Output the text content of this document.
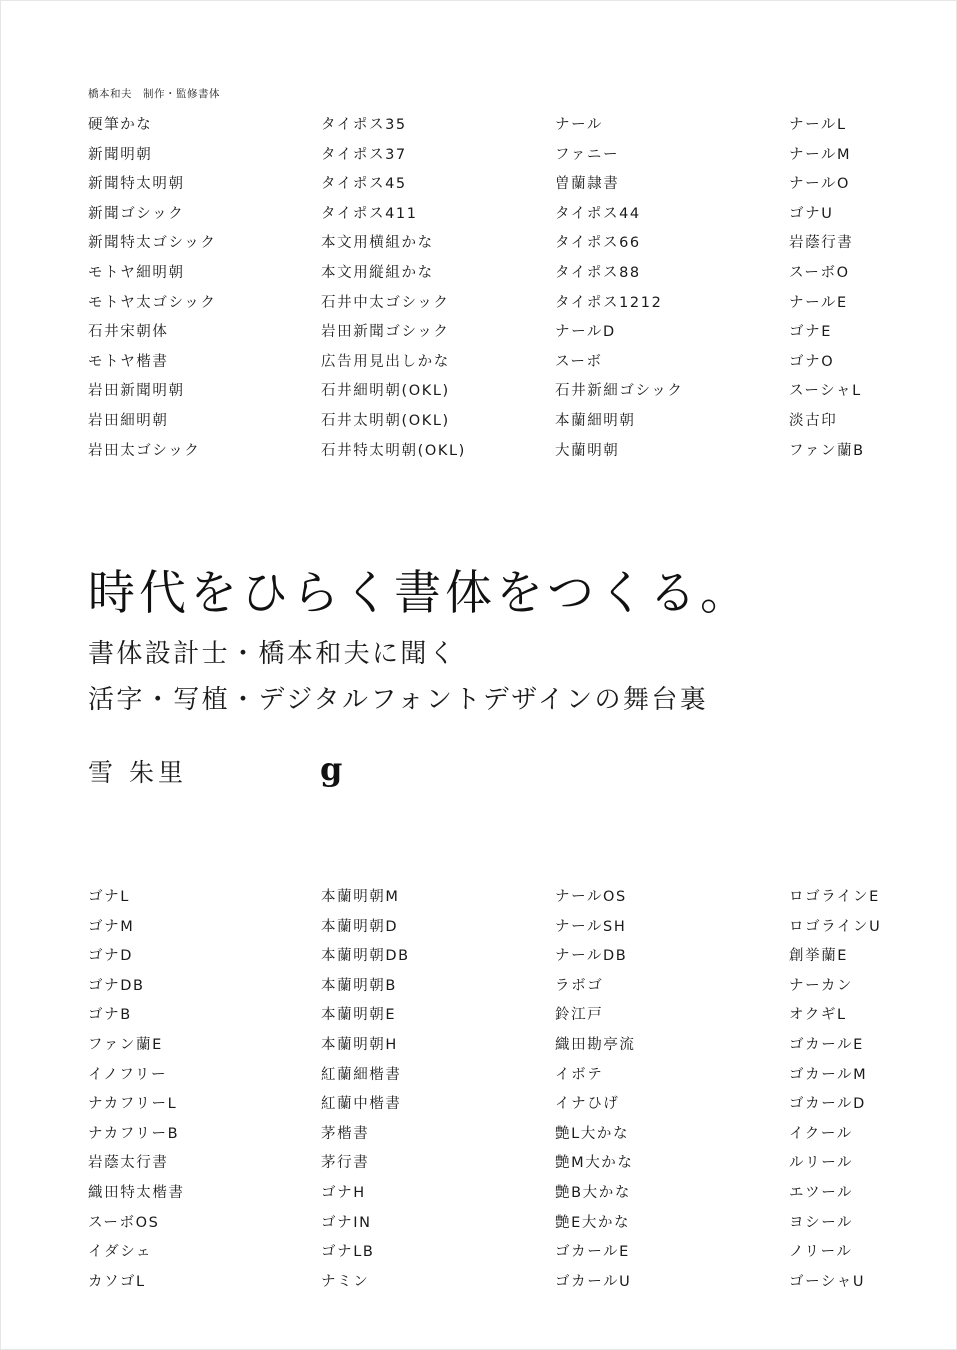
橋本和夫　制作・監修書体
硬筆かな
新聞明朝
新聞特太明朝
新聞ゴシック
新聞特太ゴシック
モトヤ細明朝
モトヤ太ゴシック
石井宋朝体
モトヤ楷書
岩田新聞明朝
岩田細明朝
岩田太ゴシック
タイポス35
タイポス37
タイポス45
タイポス411
本文用横組かな
本文用縦組かな
石井中太ゴシック
岩田新聞ゴシック
広告用見出しかな
石井細明朝(OKL)
石井太明朝(OKL)
石井特太明朝(OKL)
ナール
ファニー
曽蘭隷書
タイポス44
タイポス66
タイポス88
タイポス1212
ナールD
スーボ
石井新細ゴシック
本蘭細明朝
大蘭明朝
ナールL
ナールM
ナールO
ゴナU
岩蔭行書
スーボO
ナールE
ゴナE
ゴナO
スーシャL
淡古印
ファン蘭B
時代をひらく書体をつくる。
書体設計士・橋本和夫に聞く
活字・写植・デジタルフォントデザインの舞台裏
雪 朱里	g
ゴナL
ゴナM
ゴナD
ゴナDB
ゴナB
ファン蘭E
イノフリー
ナカフリーL
ナカフリーB
岩蔭太行書
織田特太楷書
スーボOS
イダシェ
カソゴL
本蘭明朝M
本蘭明朝D
本蘭明朝DB
本蘭明朝B
本蘭明朝E
本蘭明朝H
紅蘭細楷書
紅蘭中楷書
茅楷書
茅行書
ゴナH
ゴナIN
ゴナLB
ナミン
ナールOS
ナールSH
ナールDB
ラボゴ
鈴江戸
織田勘亭流
イボテ
イナひげ
艶L大かな
艶M大かな
艶B大かな
艶E大かな
ゴカールE
ゴカールU
ロゴラインE
ロゴラインU
創挙蘭E
ナーカン
オクギL
ゴカールE
ゴカールM
ゴカールD
イクール
ルリール
エツール
ヨシール
ノリール
ゴーシャU
